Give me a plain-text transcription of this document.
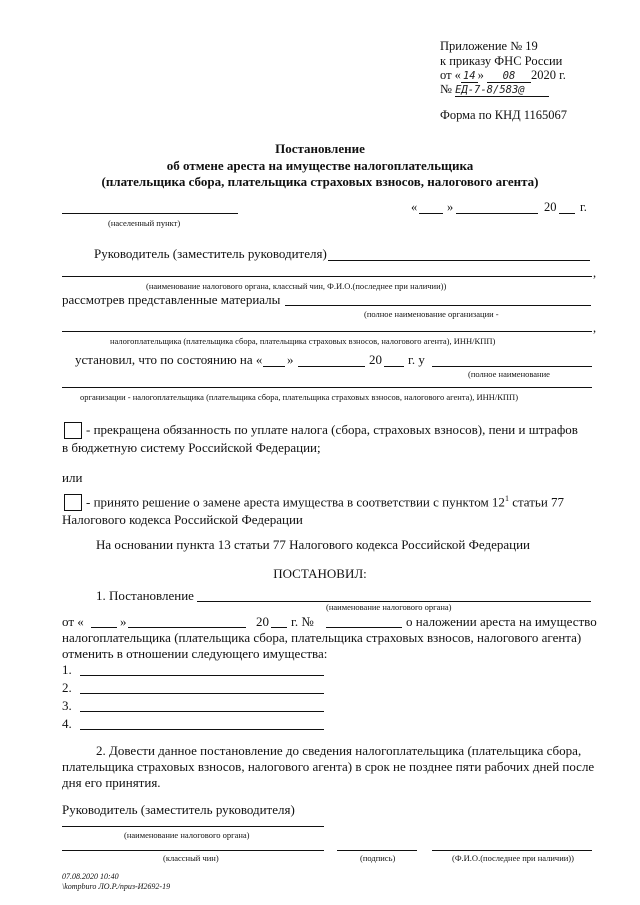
Приложение № 19
к приказу ФНС России
от « 14 » 08 2020 г.
№ ЕД-7-8/583@
Форма по КНД 1165067
Постановление
об отмене ареста на имуществе налогоплательщика
(плательщика сбора, плательщика страховых взносов, налогового агента)
(населенный пункт)
« »	20 г.
Руководитель (заместитель руководителя)
,
(наименование налогового органа, классный чин, Ф.И.О.(последнее при наличии))
рассмотрев представленные материалы
(полное наименование организации -
,
налогоплательщика (плательщика сбора, плательщика страховых взносов, налогового агента), ИНН/КПП)
установил, что по состоянию на « »	20 г. у
(полное наименование
организации - налогоплательщика (плательщика сбора, плательщика страховых взносов, налогового агента), ИНН/КПП)
- прекращена обязанность по уплате налога (сбора, страховых взносов), пени и штрафов
в бюджетную систему Российской Федерации;
или
- принято решение о замене ареста имущества в соответствии с пунктом $12^1$ статьи 77
Налогового кодекса Российской Федерации
На основании пункта 13 статьи 77 Налогового кодекса Российской Федерации
ПОСТАНОВИЛ:
1. Постановление
(наименование налогового органа)
от «	»	20 г. №	о наложении ареста на имущество
налогоплательщика (плательщика сбора, плательщика страховых взносов, налогового агента)
отменить в отношении следующего имущества:
1.
2.
3.
4.
2. Довести данное постановление до сведения налогоплательщика (плательщика сбора,
плательщика страховых взносов, налогового агента) в срок не позднее пяти рабочих дней после
дня его принятия.
Руководитель (заместитель руководителя)
(наименование налогового органа)
(классный чин)	(подпись)	(Ф.И.О.(последнее при наличии))
07.08.2020 10:40
\kompburo ЛО.Р./приз-И2692-19
